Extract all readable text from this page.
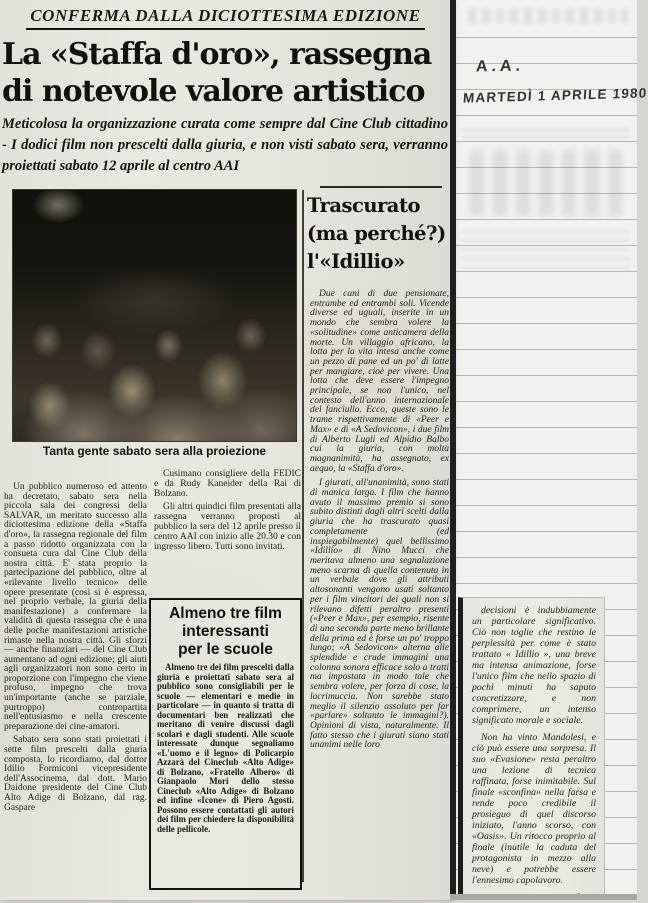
A.A.
MARTEDÌ 1 APRILE 1980
CONFERMA DALLA DICIOTTESIMA EDIZIONE
La «Staffa d'oro», rassegna
di notevole valore artistico

Meticolosa la organizzazione curata come sempre dal Cine Club cittadino - I dodici film non prescelti dalla giuria, e non visti sabato sera, verranno proiettati sabato 12 aprile al centro AAI

Tanta gente sabato sera alla proiezione
Trascurato
(ma perché?)
l'«Idillio»

Due cani di due pensionate, entrambe ed entrambi soli. Vicende diverse ed uguali, inserite in un mondo che sembra volere la «solitudine» come anticamera della morte. Un villaggio africano, la lotta per la vita intesa anche come un pezzo di pane ed un po' di latte per mangiare, cioè per vivere. Una lotta che deve essere l'impegno principale, se non l'unico, nel contesto dell'anno internazionale del fanciullo. Ecco, queste sono le trame rispettivamente di «Peer e Max» e di «A Sedovicon», i due film di Alberto Lugli ed Alpidio Balbo cui la giuria, con molta magnanimità, ha assegnato, ex aequo, la «Staffa d'oro».

I giurati, all'unanimità, sono stati di manica larga. I film che hanno avuto il massimo premio si sono subito distinti dagli altri scelti dalla giuria che ha trascurato quasi completamente (ed inspiegabilmente) quel bellissimo «Idillio» di Nino Mucci che meritava almeno una segnalazione meno scarna di quella contenuta in un verbale dove gli attributi altosonanti vengono usati soltanto per i film vincitori dei quali non si rilevano difetti peraltro presenti («Peer e Max», per esempio, risente di una seconda parte meno brillante della prima ed è forse un po' troppo lungo; «A Sedovicon» alterna alle splendide e crude immagini una colonna sonora efficace solo a tratti ma impostata in modo tale che sembra volere, per forza di cose, la lacrimuccia. Non sarebbe stato meglio il silenzio assoluto per far «parlare» soltanto le immagini?). Opinioni di vista, naturalmente. Il fatto stesso che i giurati siano stati unanimi nelle loro

Un pubblico numeroso ed attento ha decretato, sabato sera nella piccola sala dei congressi della SALVAR, un meritato successo alla diciottesima edizione della «Staffa d'oro», la rassegna regionale del film a passo ridotto organizzata con la consueta cura dal Cine Club della nostra città. E' stata proprio la partecipazione del pubblico, oltre al «rilevante livello tecnico» delle opere presentate (così si è espressa, nel proprio verbale, la giuria della manifestazione) a confermare la validità di questa rassegna che è una delle poche manifestazioni artistiche rimaste nella nostra città. Gli sforzi — anche finanziari — del Cine Club aumentano ad ogni edizione; gli aiuti agli organizzatori non sono certo in proporzione con l'impegno che viene profuso, impegno che trova un'importante (anche se parziale, purtroppo) contropartita nell'entusiasmo e nella crescente preparazione dei cine-amatori.

Sabato sera sono stati proiettati i sette film prescelti dalla giuria composta, lo ricordiamo, dal dottor Idilio Formiconi vicepresidente dell'Associnema, dal dott. Mario Daidone presidente del Cine Club Alto Adige di Bolzano, dal rag. Gaspare

Cusimano consigliere della FEDIC e da Rudy Kaneider della Rai di Bolzano.

Gli altri quindici film presentati alla rassegna verranno proposti al pubblico la sera del 12 aprile presso il centro AAI con inizio alle 20.30 e con ingresso libero. Tutti sono invitati.

Almeno tre film
interessanti
per le scuole

Almeno tre dei film prescelti dalla giuria e proiettati sabato sera al pubblico sono consigliabili per le scuole — elementari e medie in particolare — in quanto si tratta di documentari ben realizzati che meritano di venire discussi dagli scolari e dagli studenti. Alle scuole interessate dunque segnaliamo «L'uomo e il legno» di Policarpio Azzarà del Cineclub «Alto Adige» di Bolzano, «Fratello Albero» di Gianpaolo Mori dello stesso Cineclub «Alto Adige» di Bolzano ed infine «Icone» di Piero Agosti. Possono essere contattati gli autori dei film per chiedere la disponibilità delle pellicole.

decisioni è indubbiamente un particolare significativo. Ciò non toglie che restino le perplessità per come è stato trattato « Idillio », una breve ma intensa animazione, forse l'unico film che nello spazio di pochi minuti ha saputo concretizzare, e non comprimere, un intenso significato morale e sociale.

Non ha vinto Mandolesi, e ciò può essere una sorpresa. Il suo «Evasione» resta peraltro una lezione di tecnica raffinata, forse inimitabile. Sul finale «sconfina» nella farsa e rende poco credibile il prosieguo di quel discorso iniziato, l'anno scorso, con «Oasis». Un ritocco proprio al finale (inutile la caduta del protagonista in mezzo alla neve) e potrebbe essere l'ennesimo capolavoro.
